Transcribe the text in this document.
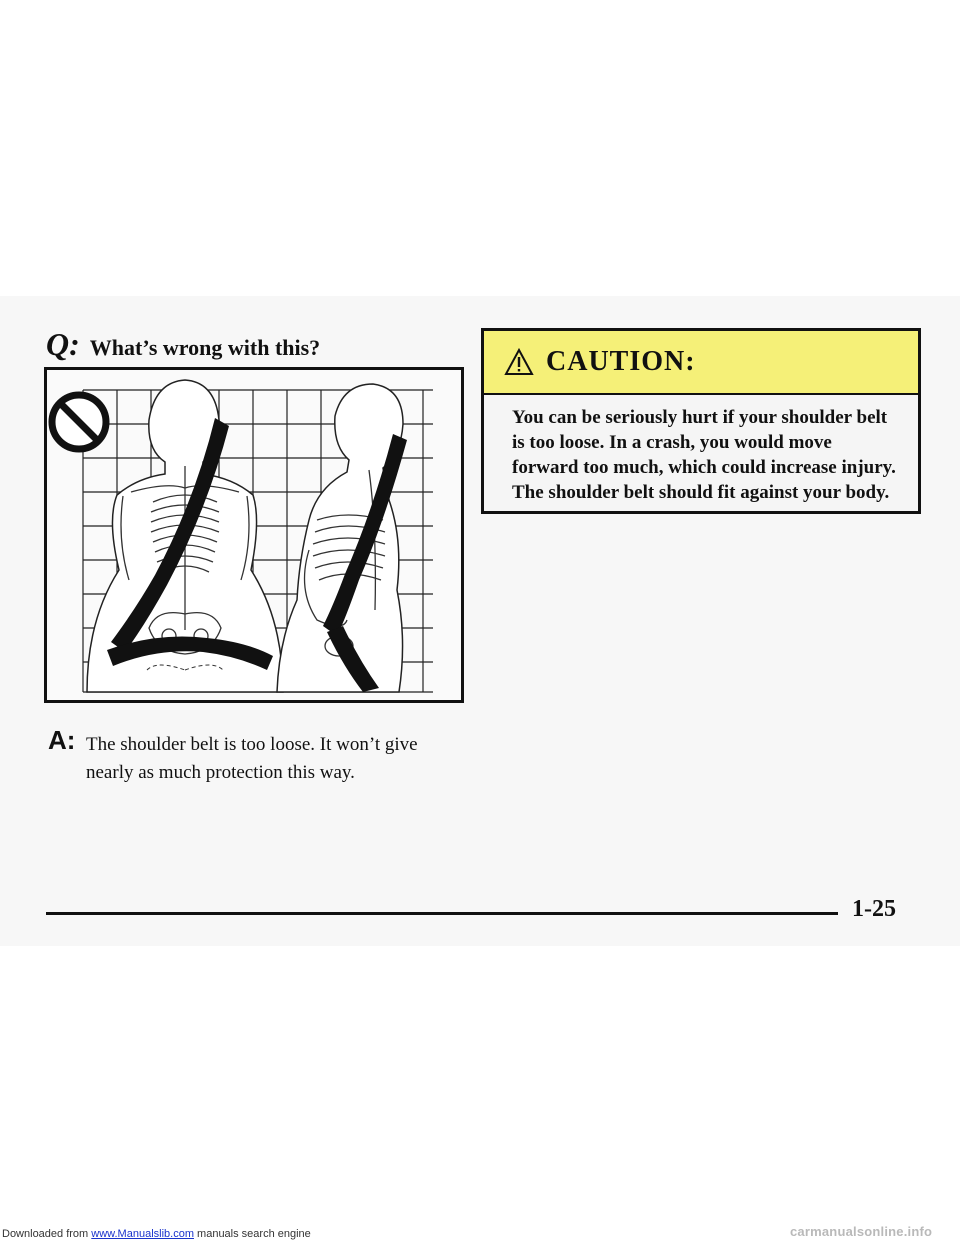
Q: What’s wrong with this?
A: The shoulder belt is too loose. It won’t give nearly as much protection this way.
CAUTION:
You can be seriously hurt if your shoulder belt is too loose. In a crash, you would move forward too much, which could increase injury. The shoulder belt should fit against your body.
1-25
Downloaded from www.Manualslib.com manuals search engine	carmanualsonline.info
